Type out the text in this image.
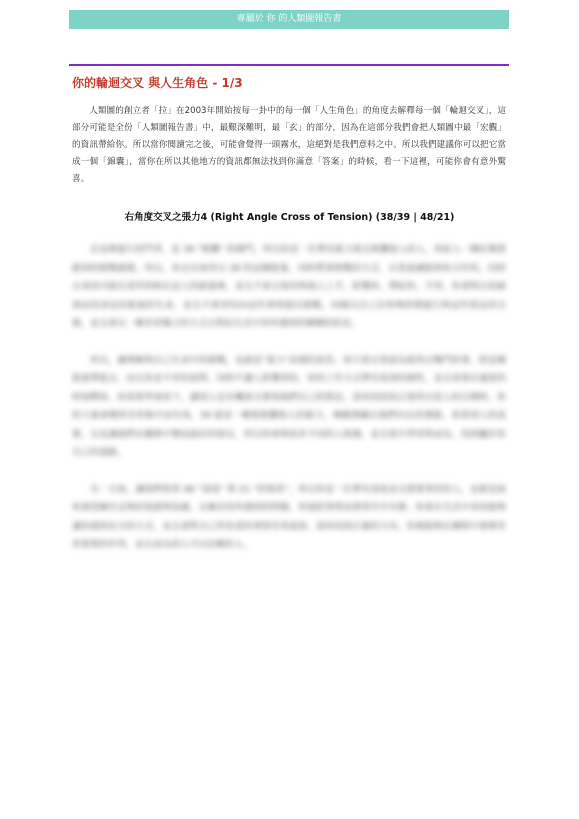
專屬於 你 的人類圖報告書
你的輪迴交叉 與人生角色 - 1/3

人類圖的創立者「拉」在2003年開始按每一卦中的每一個「人生角色」的角度去解釋每一個「輪迴交叉」，這部分可能是全份「人類圖報告書」中，最艱深難明，最「玄」的部分，因為在這部分我們會把人類圖中最「宏觀」的資訊帶給你。所以當你閱讀完之後，可能會覺得一頭霧水，這絕對是我們意料之中。所以我們建議你可以把它當成一個「錦囊」，當你在所以其他地方的資訊都無法找到你滿意「答案」的時候，看一下這裡，可能你會有意外驚喜。

右角度交叉之張力4 (Right Angle Cross of Tension) (38/39 | 48/21)

在這裡進行的鬥爭，是 39 "挑釁" 的閘門，所以你是一位帶有能力使去挑釁他人的人，你給人一種好像想跟別的挑戰感覺。所以，你走在兩者以 38 的這種能量，同時帶著挑戰的方式，去看認識能與你合作的，同時去尋找可能在某些時候在這人的能量裡，並且不會太保持與他人上手，影響你，帶給你。不然，你會對以找麻煩而找尋這份能量的生命，並且不會害怕向這些事情提出挑戰。同樣以自己在特殊時期進行與這些看法的交換，並且會以一種非常獨立的方式去對抗生活中你所遇到的種種的狀況。

所以，讓理解與自己生命中的挑戰，也就是"張力"命運的意思。你只會去看認為值得去戰鬥的事，把這種能量帶進去，而且你並不害怕面對。同時不讓人影響到你，你的工作方式帶有很深的韌性，並且需要在適當的時刻釋放。你需要學會放下，讓別人也有機會去實現他們自己的想法。當你找到真正值得去投入的目標時，你的力量會變得非常集中而有效。39 就是一種要挑釁他人的能力，喚醒潛藏在他們內在的潛能。看看別人的真實，以及讓他們在關係中變成最好的朋友，所以你會與很多不同的人相遇，並且從中學習與成長，找到屬於你自己的道路。

另一方面，讓我們看看 48 "深度" 與 21 "控制者"，所以你是一位帶有深度並且想要掌控的人，也就是說你渴望擁有足夠的資源與知識，去解決你所遇到的問題，然後把事情安排得井井有條。你會在生活中尋找能夠讓你感到安全的方式，並且會對自己所負責的事情非常認真。當你找到正確的方向，你便能夠在團隊中發揮非常重要的作用，並且成為別人可以信賴的人。
